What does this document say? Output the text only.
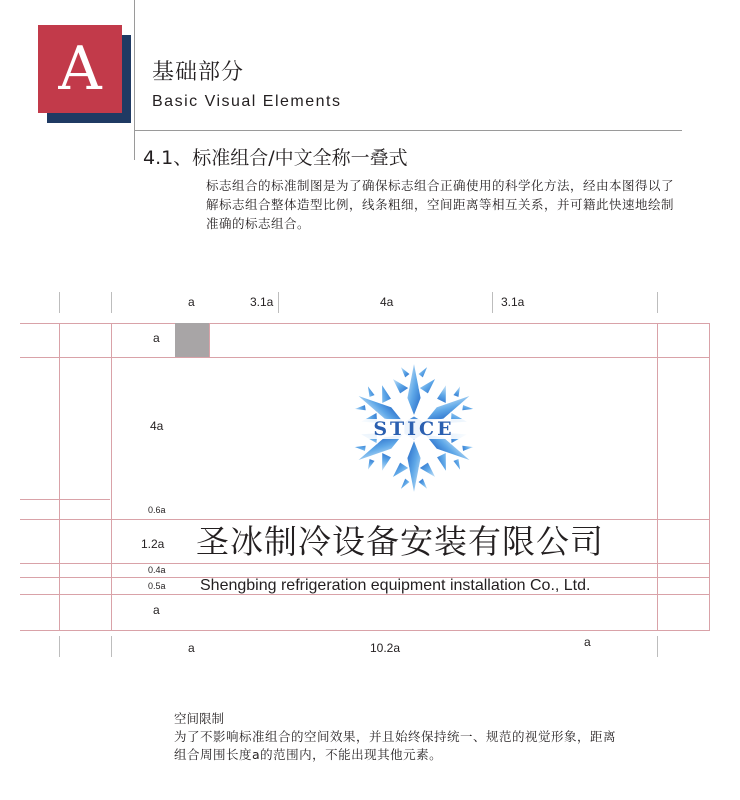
A	基础部分
Basic Visual Elements
4.1、标准组合/中文全称一叠式
标志组合的标准制图是为了确保标志组合正确使用的科学化方法，经由本图得以了解标志组合整体造型比例，线条粗细，空间距离等相互关系，并可籍此快速地绘制准确的标志组合。
a	3.1a	4a	3.1a
a
4a
0.6a
1.2a
0.4a
0.5a
a
a	10.2a	a
STICE
圣冰制冷设备安装有限公司
Shengbing refrigeration equipment installation Co., Ltd.
空间限制
为了不影响标准组合的空间效果，并且始终保持统一、规范的视觉形象，距离组合周围长度a的范围内，不能出现其他元素。
